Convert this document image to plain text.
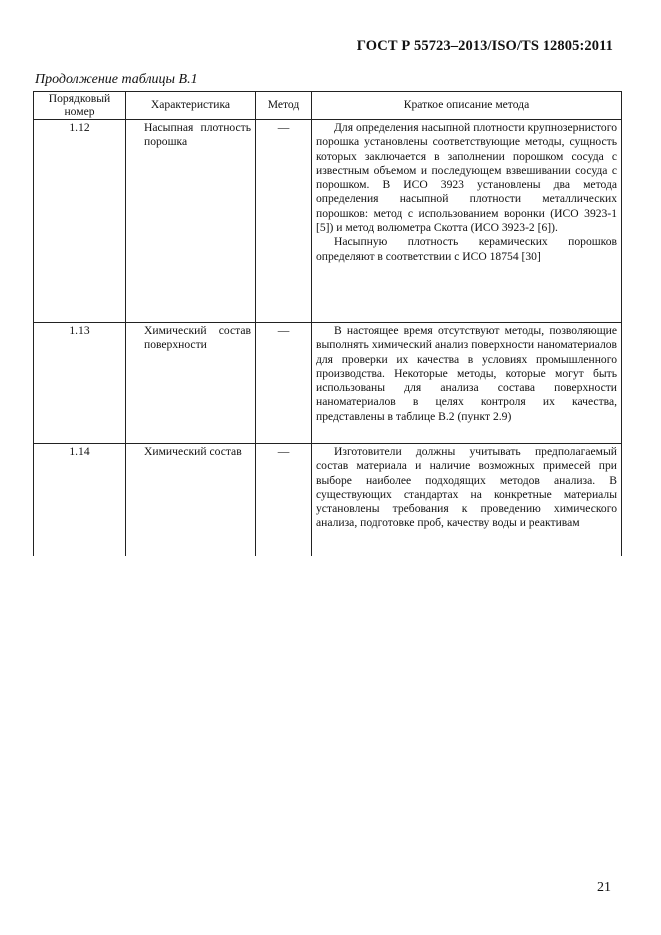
ГОСТ Р 55723–2013/ISO/TS 12805:2011
Продолжение таблицы В.1
Порядковый номер	Характеристика	Метод	Краткое описание метода
1.12	Насыпная плотность порошка	—	Для определения насыпной плотности крупнозернистого порошка установлены соответствующие методы, сущность которых заключается в заполнении порошком сосуда с известным объемом и последующем взвешивании сосуда с порошком. В ИСО 3923 установлены два метода определения насыпной плотности металлических порошков: метод с использованием воронки (ИСО 3923-1 [5]) и метод волюметра Скотта (ИСО 3923-2 [6]).

Насыпную плотность керамических порошков определяют в соответствии с ИСО 18754 [30]

1.13	Химический состав поверхности	—	В настоящее время отсутствуют методы, позволяющие выполнять химический анализ поверхности наноматериалов для проверки их качества в условиях промышленного производства. Некоторые методы, которые могут быть использованы для анализа состава поверхности наноматериалов в целях контроля их качества, представлены в таблице В.2 (пункт 2.9)

1.14	Химический состав	—	Изготовители должны учитывать предполагаемый состав материала и наличие возможных примесей при выборе наиболее подходящих методов анализа. В существующих стандартах на конкретные материалы установлены требования к проведению химического анализа, подготовке проб, качеству воды и реактивам

21
